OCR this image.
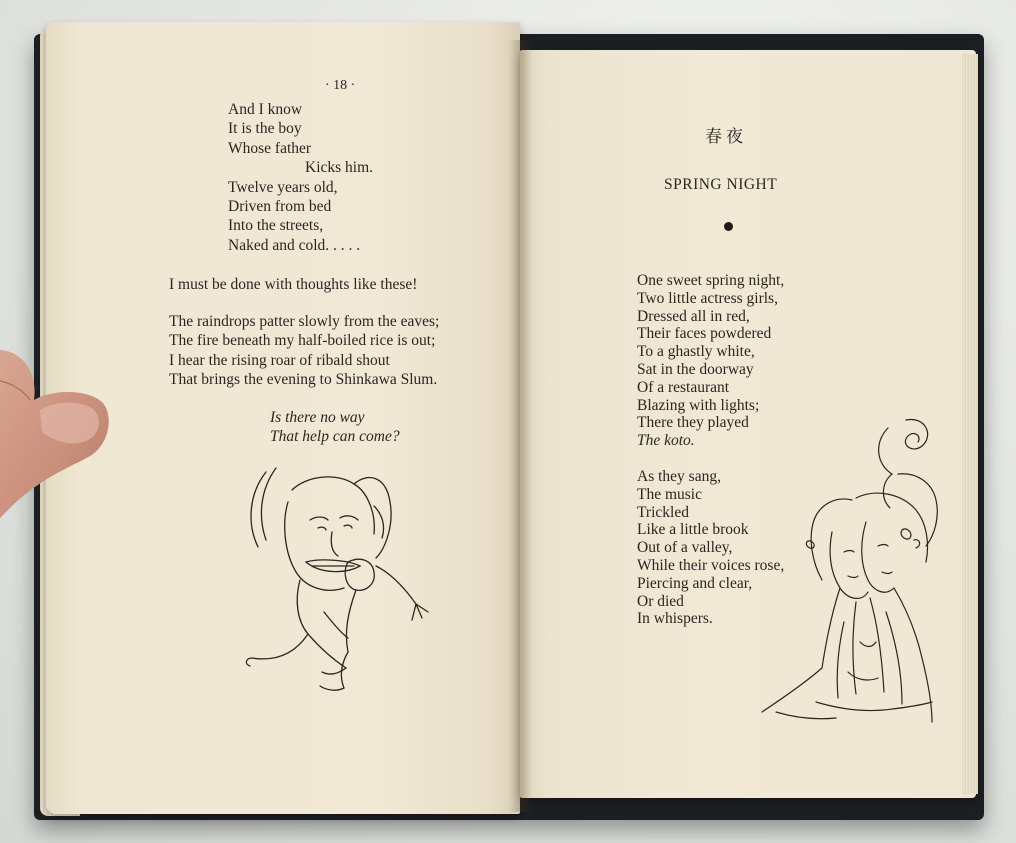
· 18 ·
And I know
It is the boy
Whose father
Kicks him.
Twelve years old,
Driven from bed
Into the streets,
Naked and cold. . . . .
I must be done with thoughts like these!
The raindrops patter slowly from the eaves;
The fire beneath my half-boiled rice is out;
I hear the rising roar of ribald shout
That brings the evening to Shinkawa Slum.
Is there no way
That help can come?
春夜
SPRING NIGHT
One sweet spring night,
Two little actress girls,
Dressed all in red,
Their faces powdered
To a ghastly white,
Sat in the doorway
Of a restaurant
Blazing with lights;
There they played
The koto.
As they sang,
The music
Trickled
Like a little brook
Out of a valley,
While their voices rose,
Piercing and clear,
Or died
In whispers.
